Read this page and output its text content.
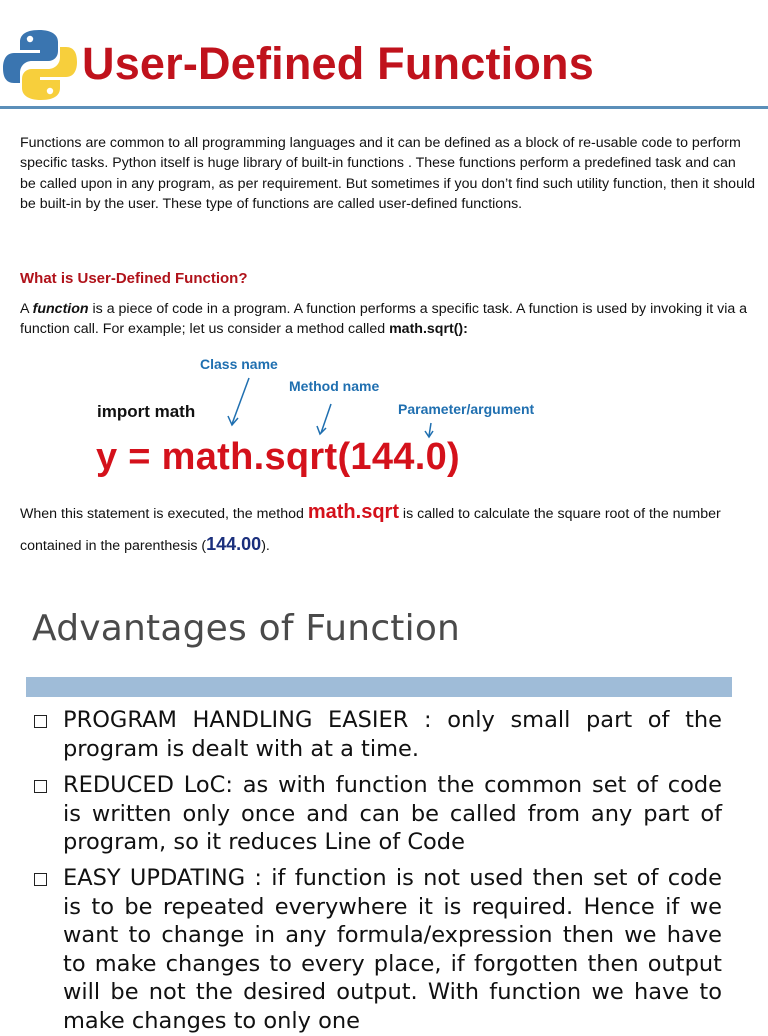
User-Defined Functions
Functions are common to all programming languages and it can be defined as a block of re-usable code to perform specific tasks. Python itself is huge library of built-in functions . These functions perform a predefined task and can be called upon in any program, as per requirement. But sometimes if you don’t find such utility function, then it should be built-in by the user. These type of functions are called user-defined functions.
What is User-Defined Function?
A function is a piece of code in a program. A function performs a specific task. A function is used by invoking it via a function call. For example; let us consider a method called math.sqrt():
Class name
Method name
Parameter/argument
import math
y = math.sqrt(144.0)
When this statement is executed, the method math.sqrt is called to calculate the square root of the number contained in the parenthesis (144.00).
Advantages of Function
PROGRAM HANDLING EASIER : only small part of the program is dealt with at a time.
REDUCED LoC: as with function the common set of code is written only once and can be called from any part of program, so it reduces Line of Code
EASY UPDATING : if function is not used then set of code is to be repeated everywhere it is required. Hence if we want to change in any formula/expression then we have to make changes to every place, if forgotten then output will be not the desired output. With function we have to make changes to only one
